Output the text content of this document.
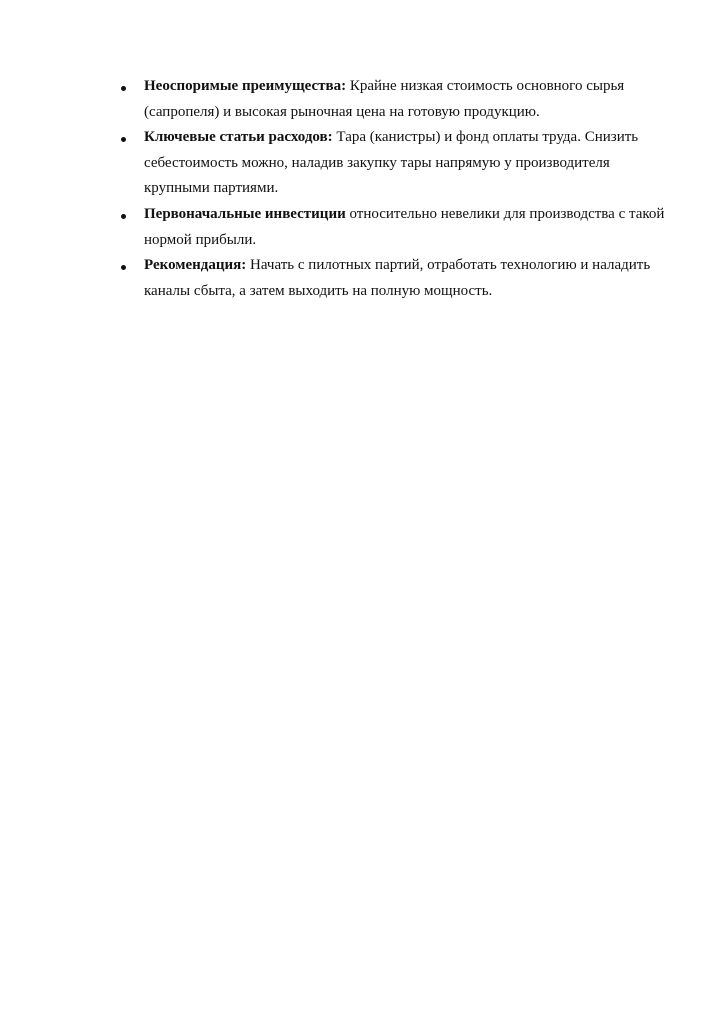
Неоспоримые преимущества: Крайне низкая стоимость основного сырья (сапропеля) и высокая рыночная цена на готовую продукцию.
Ключевые статьи расходов: Тара (канистры) и фонд оплаты труда. Снизить себестоимость можно, наладив закупку тары напрямую у производителя крупными партиями.
Первоначальные инвестиции относительно невелики для производства с такой нормой прибыли.
Рекомендация: Начать с пилотных партий, отработать технологию и наладить каналы сбыта, а затем выходить на полную мощность.
